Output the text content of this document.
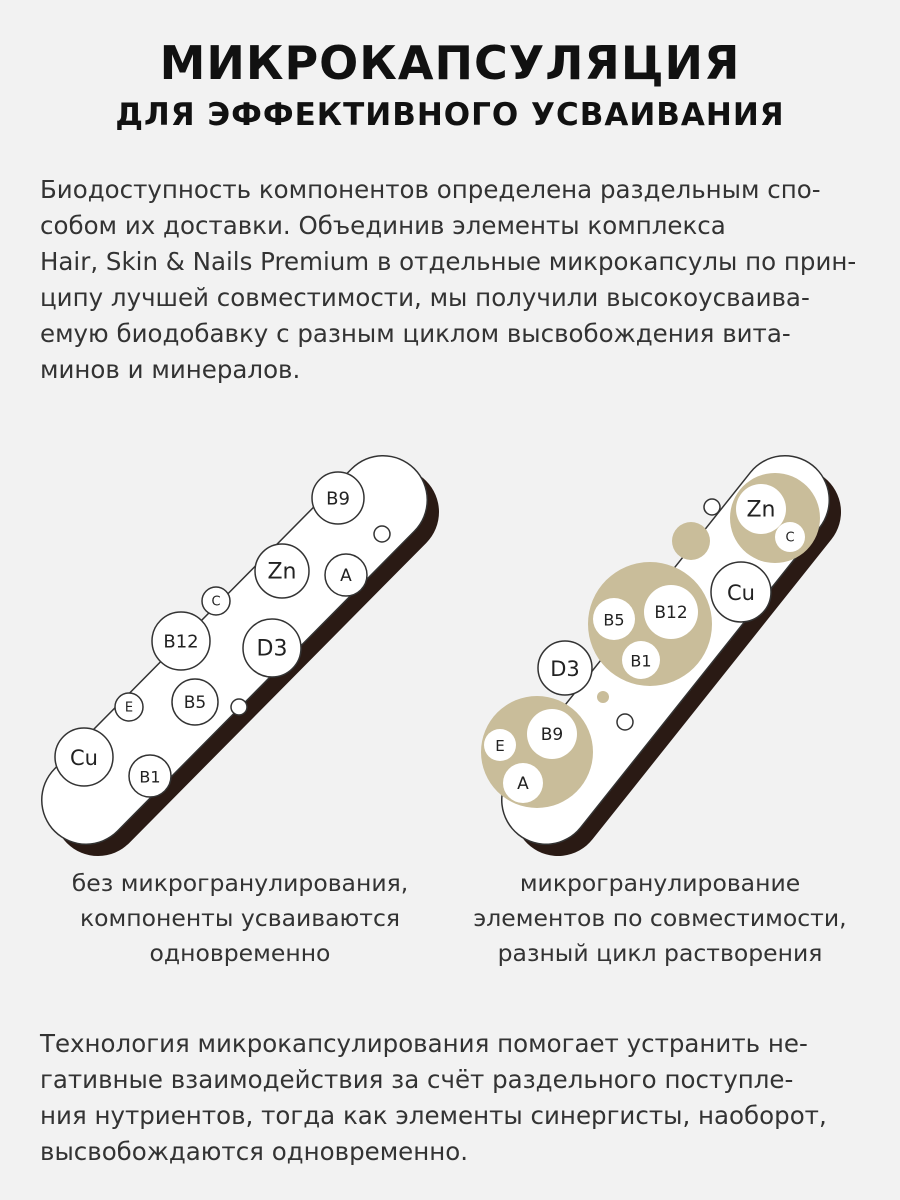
МИКРОКАПСУЛЯЦИЯ
ДЛЯ ЭФФЕКТИВНОГО УСВАИВАНИЯ
Биодоступность компонентов определена раздельным спо-
собом их доставки. Объединив элементы комплекса
Hair, Skin & Nails Premium в отдельные микрокапсулы по прин-
ципу лучшей совместимости, мы получили высокоусваива-
емую биодобавку с разным циклом высвобождения вита-
минов и минералов.
B9
Zn	A
C
B12	D3
E	B5
Cu
B1
Zn
C
Cu
B5 B12
B1
D3
E
B9
A
без микрогранулирования,
компоненты усваиваются
одновременно
микрогранулирование
элементов по совместимости,
разный цикл растворения
Технология микрокапсулирования помогает устранить не-
гативные взаимодействия за счёт раздельного поступле-
ния нутриентов, тогда как элементы синергисты, наоборот,
высвобождаются одновременно.
